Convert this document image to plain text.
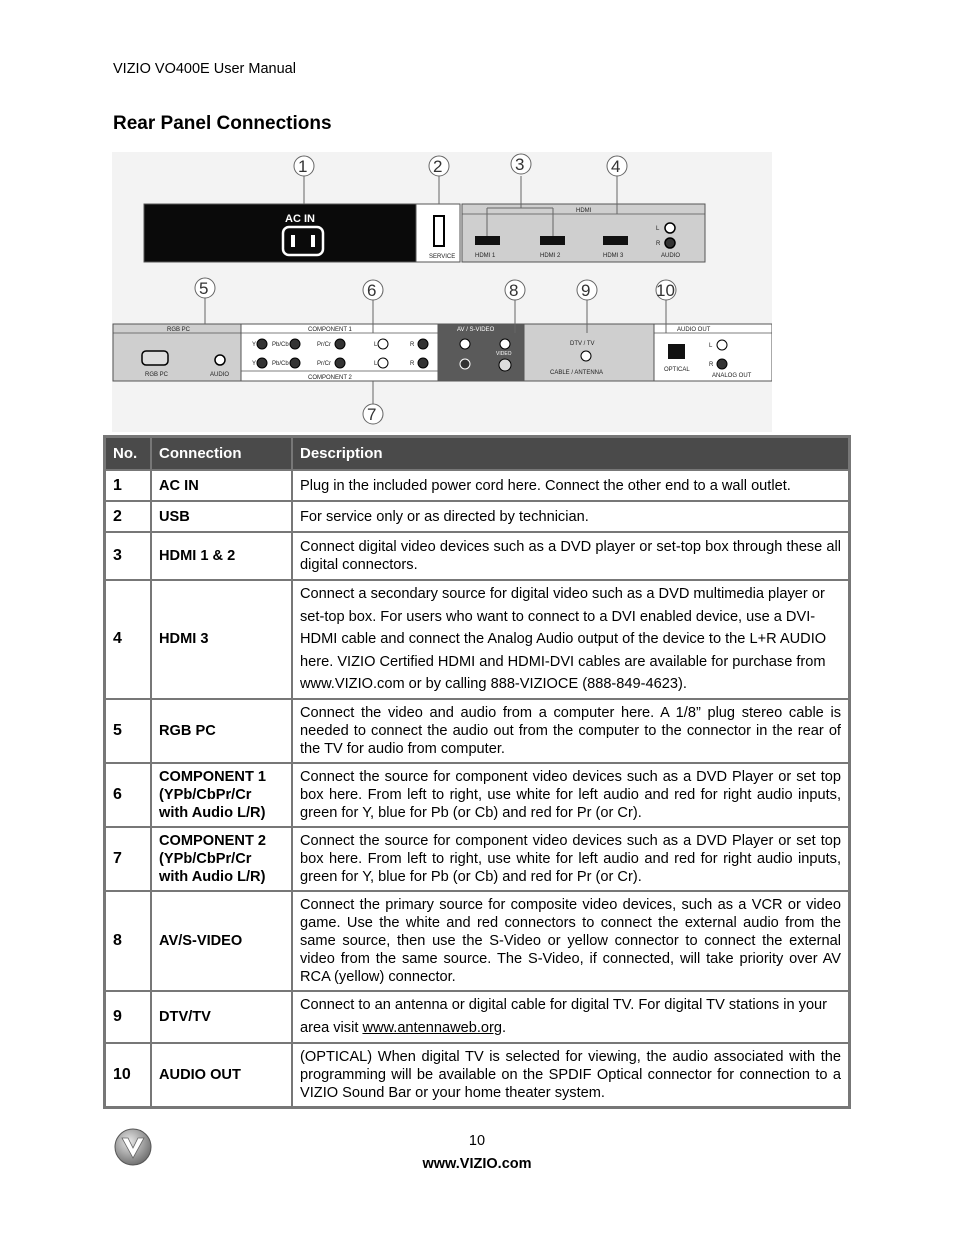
VIZIO VO400E User Manual
Rear Panel Connections
AC IN
SERVICE
HDMI
HDMI 1	HDMI 2	HDMI 3
L
R
AUDIO
1	2	3	4
RGB PC
RGB PC	AUDIO
COMPONENT 1
COMPONENT 2
Y	Pb/Cb	Pr/Cr	L	R
Y	Pb/Cb	Pr/Cr	L	R
AV / S-VIDEO
VIDEO
DTV / TV
CABLE / ANTENNA
AUDIO OUT
OPTICAL
L
R
ANALOG OUT
5	6	8	9	10
7
No.	Connection	Description
1	AC IN	Plug in the included power cord here. Connect the other end to a wall outlet.
2	USB	For service only or as directed by technician.
3	HDMI 1 & 2	Connect digital video devices such as a DVD player or set-top box through these all digital connectors.
4	HDMI 3	Connect a secondary source for digital video such as a DVD multimedia player or set-top box. For users who want to connect to a DVI enabled device, use a DVI-HDMI cable and connect the Analog Audio output of the device to the L+R AUDIO here. VIZIO Certified HDMI and HDMI-DVI cables are available for purchase from www.VIZIO.com or by calling 888-VIZIOCE (888-849-4623).
5	RGB PC	Connect the video and audio from a computer here. A 1/8” plug stereo cable is needed to connect the audio out from the computer to the connector in the rear of the TV for audio from computer.
6	COMPONENT 1 (YPb/CbPr/Cr with Audio L/R)	Connect the source for component video devices such as a DVD Player or set top box here. From left to right, use white for left audio and red for right audio inputs, green for Y, blue for Pb (or Cb) and red for Pr (or Cr).
7	COMPONENT 2 (YPb/CbPr/Cr with Audio L/R)	Connect the source for component video devices such as a DVD Player or set top box here. From left to right, use white for left audio and red for right audio inputs, green for Y, blue for Pb (or Cb) and red for Pr (or Cr).
8	AV/S-VIDEO	Connect the primary source for composite video devices, such as a VCR or video game. Use the white and red connectors to connect the external audio from the same source, then use the S-Video or yellow connector to connect the external video from the same source. The S-Video, if connected, will take priority over AV RCA (yellow) connector.
9	DTV/TV	Connect to an antenna or digital cable for digital TV. For digital TV stations in your area visit www.antennaweb.org.
10	AUDIO OUT	(OPTICAL) When digital TV is selected for viewing, the audio associated with the programming will be available on the SPDIF Optical connector for connection to a VIZIO Sound Bar or your home theater system.
10
www.VIZIO.com
